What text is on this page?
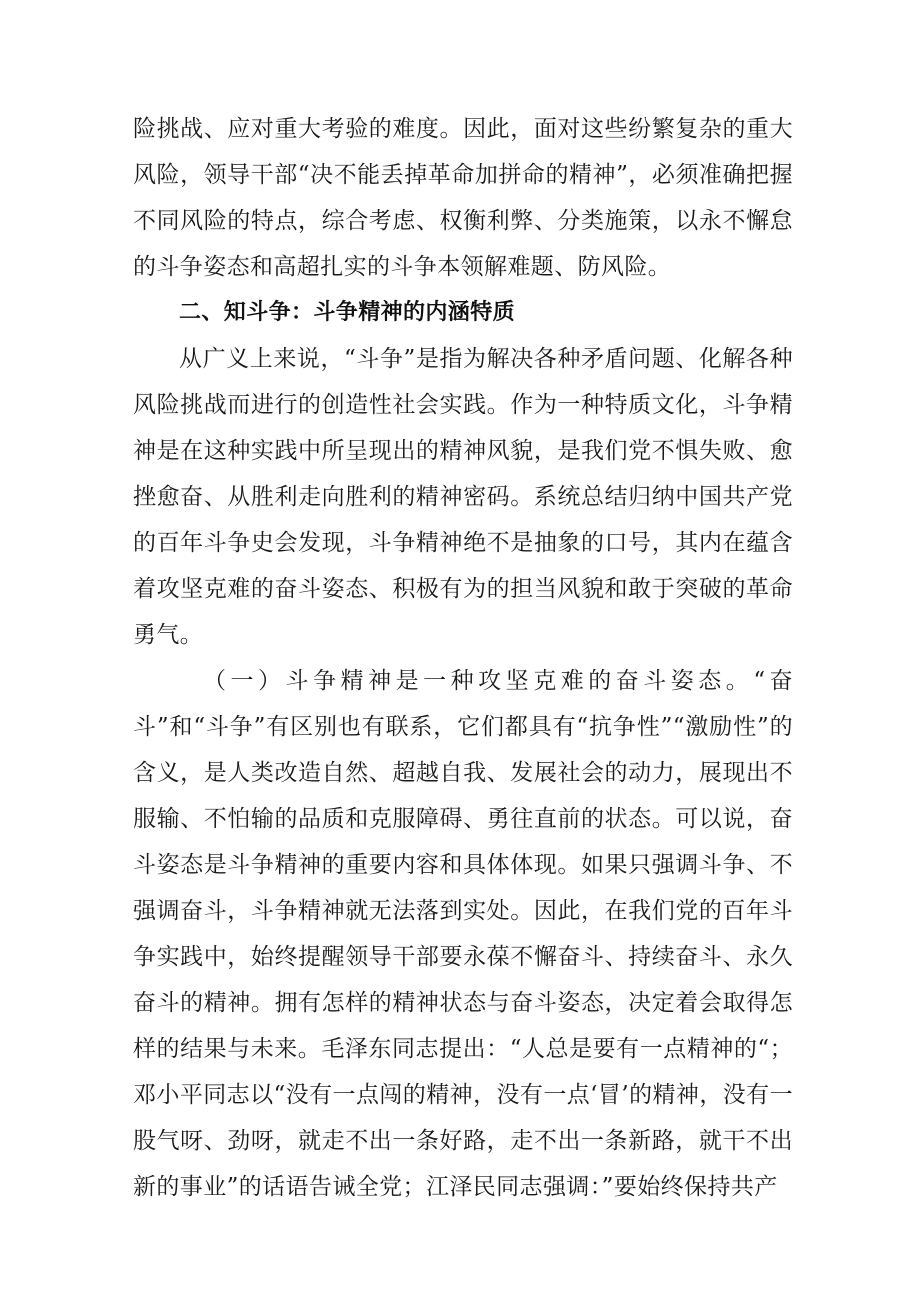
险挑战、应对重大考验的难度。因此，面对这些纷繁复杂的重大风险，领导干部“决不能丢掉革命加拼命的精神”，必须准确把握不同风险的特点，综合考虑、权衡利弊、分类施策，以永不懈怠的斗争姿态和高超扎实的斗争本领解难题、防风险。

二、知斗争：斗争精神的内涵特质

从广义上来说，“斗争”是指为解决各种矛盾问题、化解各种风险挑战而进行的创造性社会实践。作为一种特质文化，斗争精神是在这种实践中所呈现出的精神风貌，是我们党不惧失败、愈挫愈奋、从胜利走向胜利的精神密码。系统总结归纳中国共产党的百年斗争史会发现，斗争精神绝不是抽象的口号，其内在蕴含着攻坚克难的奋斗姿态、积极有为的担当风貌和敢于突破的革命勇气。

（一）斗争精神是一种攻坚克难的奋斗姿态。“奋斗”和“斗争”有区别也有联系，它们都具有“抗争性”“激励性”的含义，是人类改造自然、超越自我、发展社会的动力，展现出不服输、不怕输的品质和克服障碍、勇往直前的状态。可以说，奋斗姿态是斗争精神的重要内容和具体体现。如果只强调斗争、不强调奋斗，斗争精神就无法落到实处。因此，在我们党的百年斗争实践中，始终提醒领导干部要永葆不懈奋斗、持续奋斗、永久奋斗的精神。拥有怎样的精神状态与奋斗姿态，决定着会取得怎样的结果与未来。毛泽东同志提出：“人总是要有一点精神的“；邓小平同志以“没有一点闯的精神，没有一点‘冒’的精神，没有一股气呀、劲呀，就走不出一条好路，走不出一条新路，就干不出新的事业”的话语告诫全党；江泽民同志强调：”要始终保持共产
